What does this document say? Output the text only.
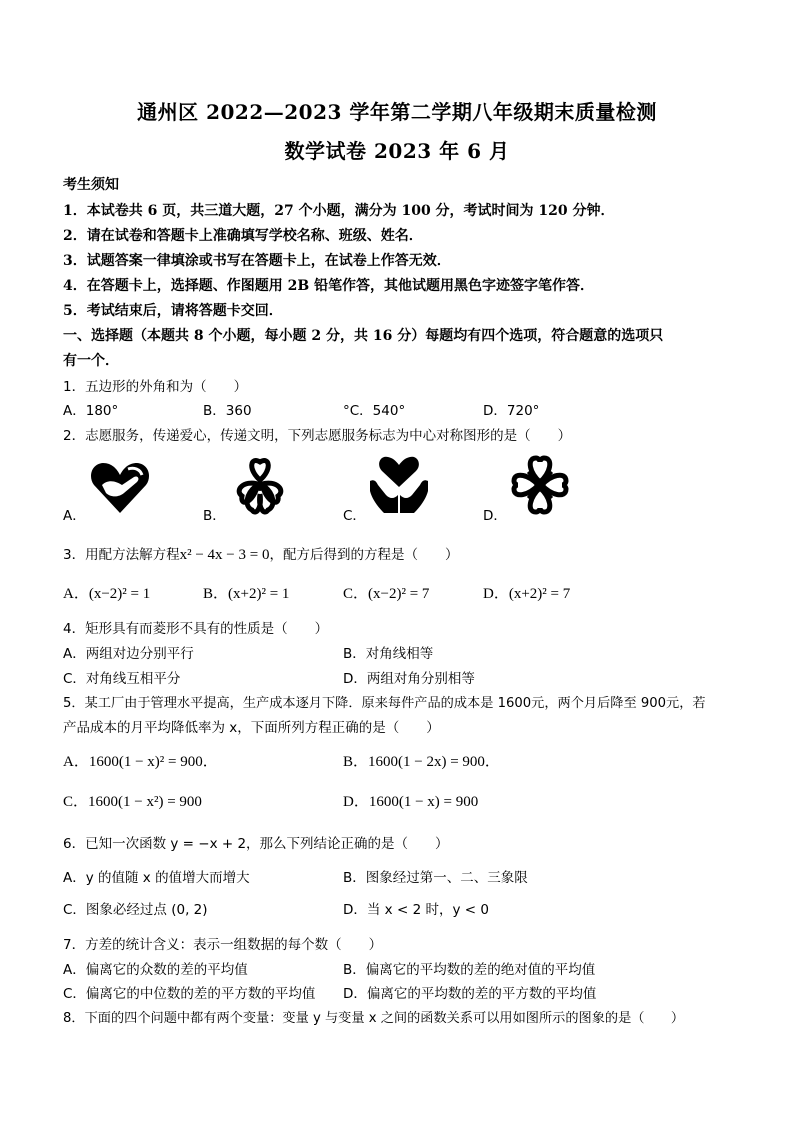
通州区 2022—2023 学年第二学期八年级期末质量检测
数学试卷 2023 年 6 月
考生须知
1．本试卷共 6 页，共三道大题，27 个小题，满分为 100 分，考试时间为 120 分钟．
2．请在试卷和答题卡上准确填写学校名称、班级、姓名．
3．试题答案一律填涂或书写在答题卡上，在试卷上作答无效．
4．在答题卡上，选择题、作图题用 2B 铅笔作答，其他试题用黑色字迹签字笔作答．
5．考试结束后，请将答题卡交回．
一、选择题（本题共 8 个小题，每小题 2 分，共 16 分）每题均有四个选项，符合题意的选项只
有一个．
1．五边形的外角和为（　　）
A．180°	B．360	°C．540°	D．720°
2．志愿服务，传递爱心，传递文明，下列志愿服务标志为中心对称图形的是（　　）
A．	B．	C．	D．
3．用配方法解方程x² − 4x − 3 = 0，配方后得到的方程是（　　）
A．(x−2)² = 1	B．(x+2)² = 1	C．(x−2)² = 7	D．(x+2)² = 7
4．矩形具有而菱形不具有的性质是（　　）
A．两组对边分别平行	B．对角线相等
C．对角线互相平分	D．两组对角分别相等
5．某工厂由于管理水平提高，生产成本逐月下降．原来每件产品的成本是 1600元，两个月后降至 900元，若
产品成本的月平均降低率为 x，下面所列方程正确的是（　　）
A．1600(1 − x)² = 900．	B．1600(1 − 2x) = 900．
C．1600(1 − x²) = 900	D．1600(1 − x) = 900
6．已知一次函数 y = −x + 2，那么下列结论正确的是（　　）
A．y 的值随 x 的值增大而增大	B．图象经过第一、二、三象限
C．图象必经过点 (0, 2)	D．当 x < 2 时，y < 0
7．方差的统计含义：表示一组数据的每个数（　　）
A．偏离它的众数的差的平均值	B．偏离它的平均数的差的绝对值的平均值
C．偏离它的中位数的差的平方数的平均值 D．偏离它的平均数的差的平方数的平均值
8．下面的四个问题中都有两个变量：变量 y 与变量 x 之间的函数关系可以用如图所示的图象的是（　　）
